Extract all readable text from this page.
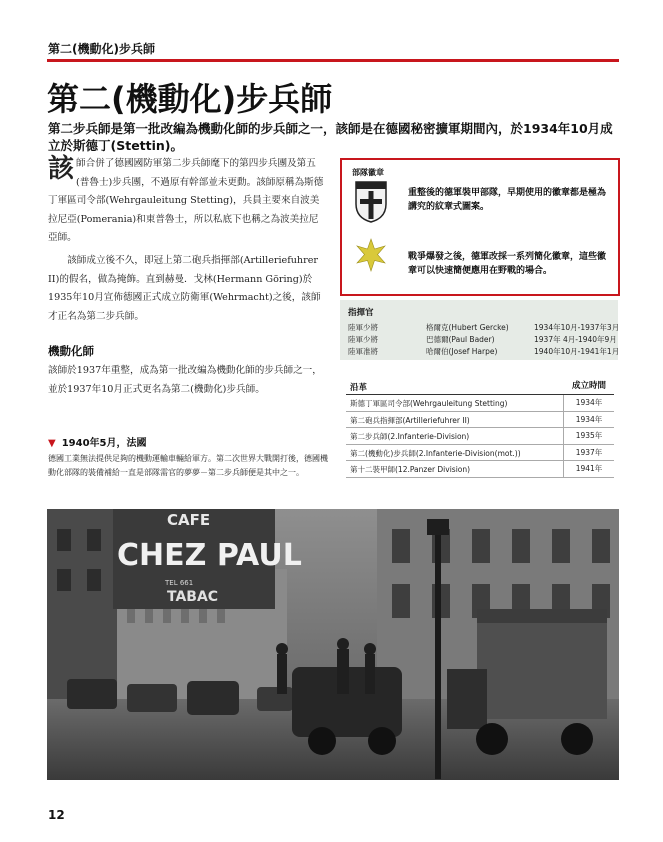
第二(機動化)步兵師
第二(機動化)步兵師
第二步兵師是第一批改編為機動化師的步兵師之一，該師是在德國秘密擴軍期間內，於1934年10月成立於斯德丁(Stettin)。
該 師合併了德國國防軍第二步兵師麾下的第四步兵團及第五(普魯士)步兵團，不過原有幹部並未更動。該師原稱為斯德丁軍區司令部(Wehrgauleitung Stetting)，兵員主要來自波美拉尼亞(Pomerania)和東普魯士，所以私底下也稱之為波美拉尼亞師。
該師成立後不久，即冠上第二砲兵指揮部(Artilleriefuhrer II)的假名，做為掩飾。直到赫曼．戈林(Hermann Göring)於1935年10月宣佈德國正式成立防衛軍(Wehrmacht)之後，該師才正名為第二步兵師。
機動化師
該師於1937年重整，成為第一批改編為機動化師的步兵師之一，並於1937年10月正式更名為第二(機動化)步兵師。
▼ 1940年5月，法國
德國工業無法提供足夠的機動運輸車輛給軍方。第二次世界大戰開打後，德國機動化部隊的裝備補給一直是部隊需官的夢夢－第二步兵師便是其中之一。
部隊徽章
重整後的德軍裝甲部隊，早期使用的徽章都是極為講究的紋章式圖案。
戰爭爆發之後，德軍改採一系列簡化徽章，這些徽章可以快速簡便應用在野戰的場合。
指揮官
陸軍少將	格爾克(Hubert Gercke)	1934年10月-1937年3月
陸軍少將	巴德爾(Paul Bader)	1937年 4月-1940年9月
陸軍准將	哈爾伯(Josef Harpe)	1940年10月-1941年1月
沿革	成立時間
斯德丁軍區司令部(Wehrgauleitung Stetting)	1934年
第二砲兵指揮部(Artilleriefuhrer II)	1934年
第二步兵師(2.Infanterie-Division)	1935年
第二(機動化)步兵師(2.Infanterie-Division(mot.))	1937年
第十二裝甲師(12.Panzer Division)	1941年
CAFE
CHEZ PAUL
TEL 661
TABAC
12
